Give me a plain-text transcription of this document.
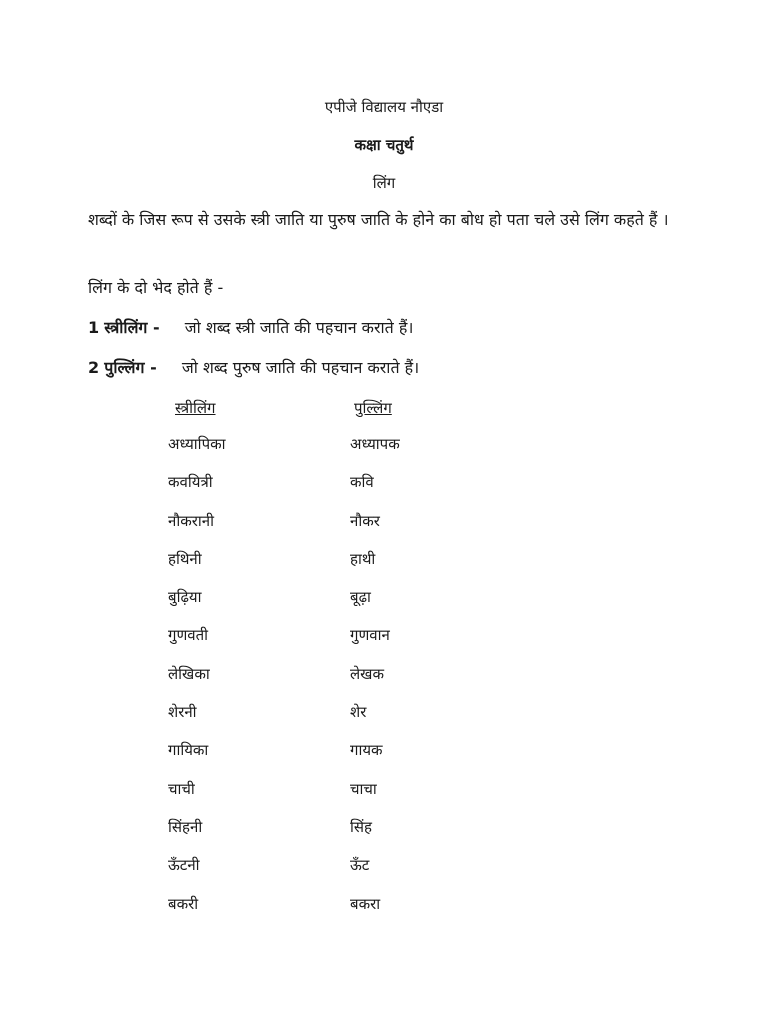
एपीजे विद्यालय नौएडा
कक्षा चतुर्थ
लिंग
शब्दों के जिस रूप से उसके स्त्री जाति या पुरुष जाति के होने का बोध हो पता चले उसे लिंग कहते हैं ।
लिंग के दो भेद होते हैं -
1 स्त्रीलिंग - जो शब्द स्त्री जाति की पहचान कराते हैं।
2 पुल्लिंग - जो शब्द पुरुष जाति की पहचान कराते हैं।
स्त्रीलिंग	पुल्लिंग
अध्यापिका	अध्यापक
कवयित्री	कवि
नौकरानी	नौकर
हथिनी	हाथी
बुढ़िया	बूढ़ा
गुणवती	गुणवान
लेखिका	लेखक
शेरनी	शेर
गायिका	गायक
चाची	चाचा
सिंहनी	सिंह
ऊँटनी	ऊँट
बकरी	बकरा
